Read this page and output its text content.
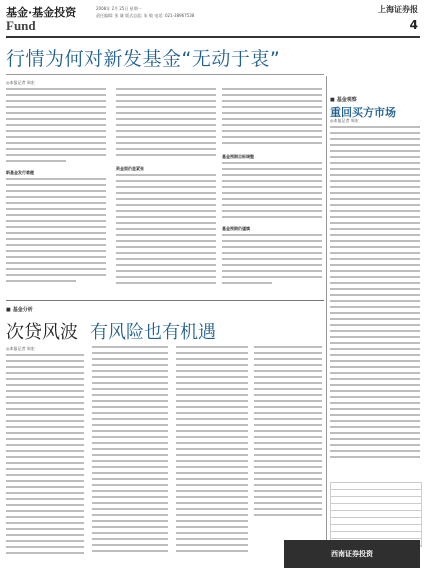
基金·基金投资
Fund
2008年 2月 25日 星期一
责任编辑: 张 雄 版式总监: 朱 敏 电话: 021-38967538
上海证券报
4
行情为何对新发基金“无动于衷”
◎本报记者 周宏
新基金发行难题
资金面仍显紧张
基金预期目标调整
基金预期仍谨慎
■ 基金观察
重回买方市场
◎本报记者 周宏
■ 基金分析
次贷风波 有风险也有机遇
◎本报记者 周宏
西南证券投资
